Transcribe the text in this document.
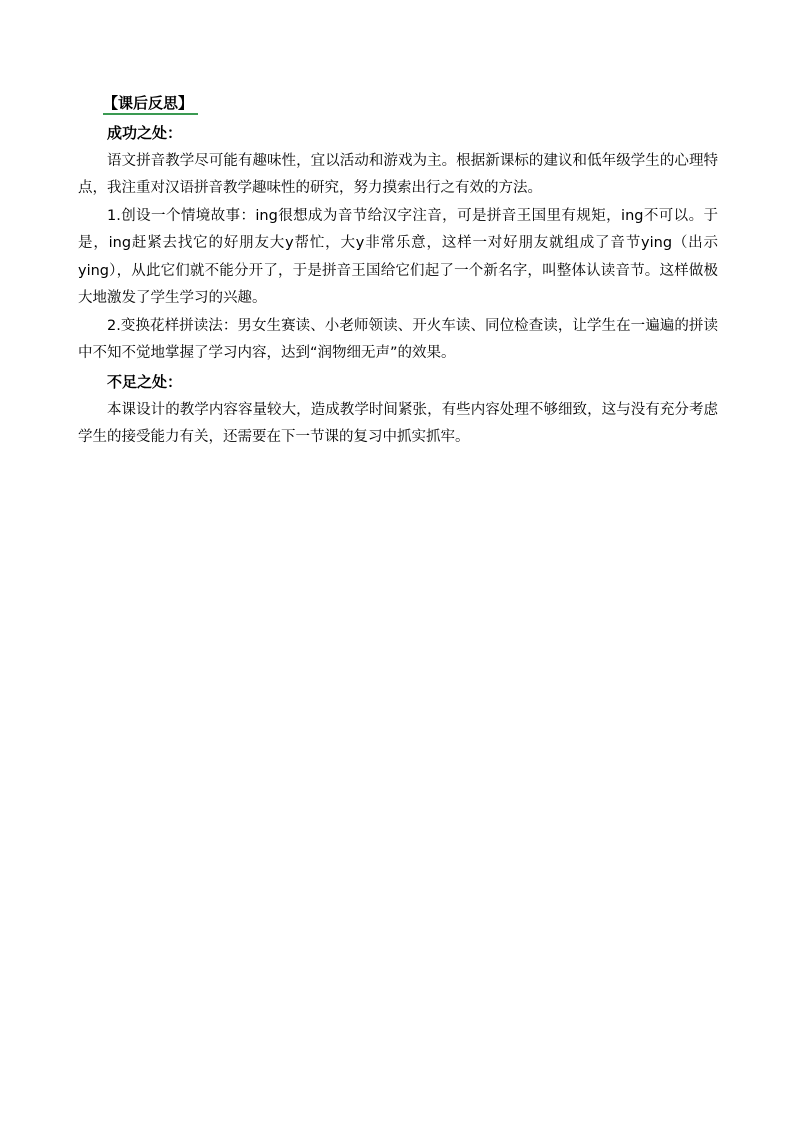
【课后反思】
成功之处：

语文拼音教学尽可能有趣味性，宜以活动和游戏为主。根据新课标的建议和低年级学生的心理特点，我注重对汉语拼音教学趣味性的研究，努力摸索出行之有效的方法。

1.创设一个情境故事：ing很想成为音节给汉字注音，可是拼音王国里有规矩，ing不可以。于是，ing赶紧去找它的好朋友大y帮忙，大y非常乐意，这样一对好朋友就组成了音节ying（出示ying），从此它们就不能分开了，于是拼音王国给它们起了一个新名字，叫整体认读音节。这样做极大地激发了学生学习的兴趣。

2.变换花样拼读法：男女生赛读、小老师领读、开火车读、同位检查读，让学生在一遍遍的拼读中不知不觉地掌握了学习内容，达到“润物细无声”的效果。

不足之处：

本课设计的教学内容容量较大，造成教学时间紧张，有些内容处理不够细致，这与没有充分考虑学生的接受能力有关，还需要在下一节课的复习中抓实抓牢。
